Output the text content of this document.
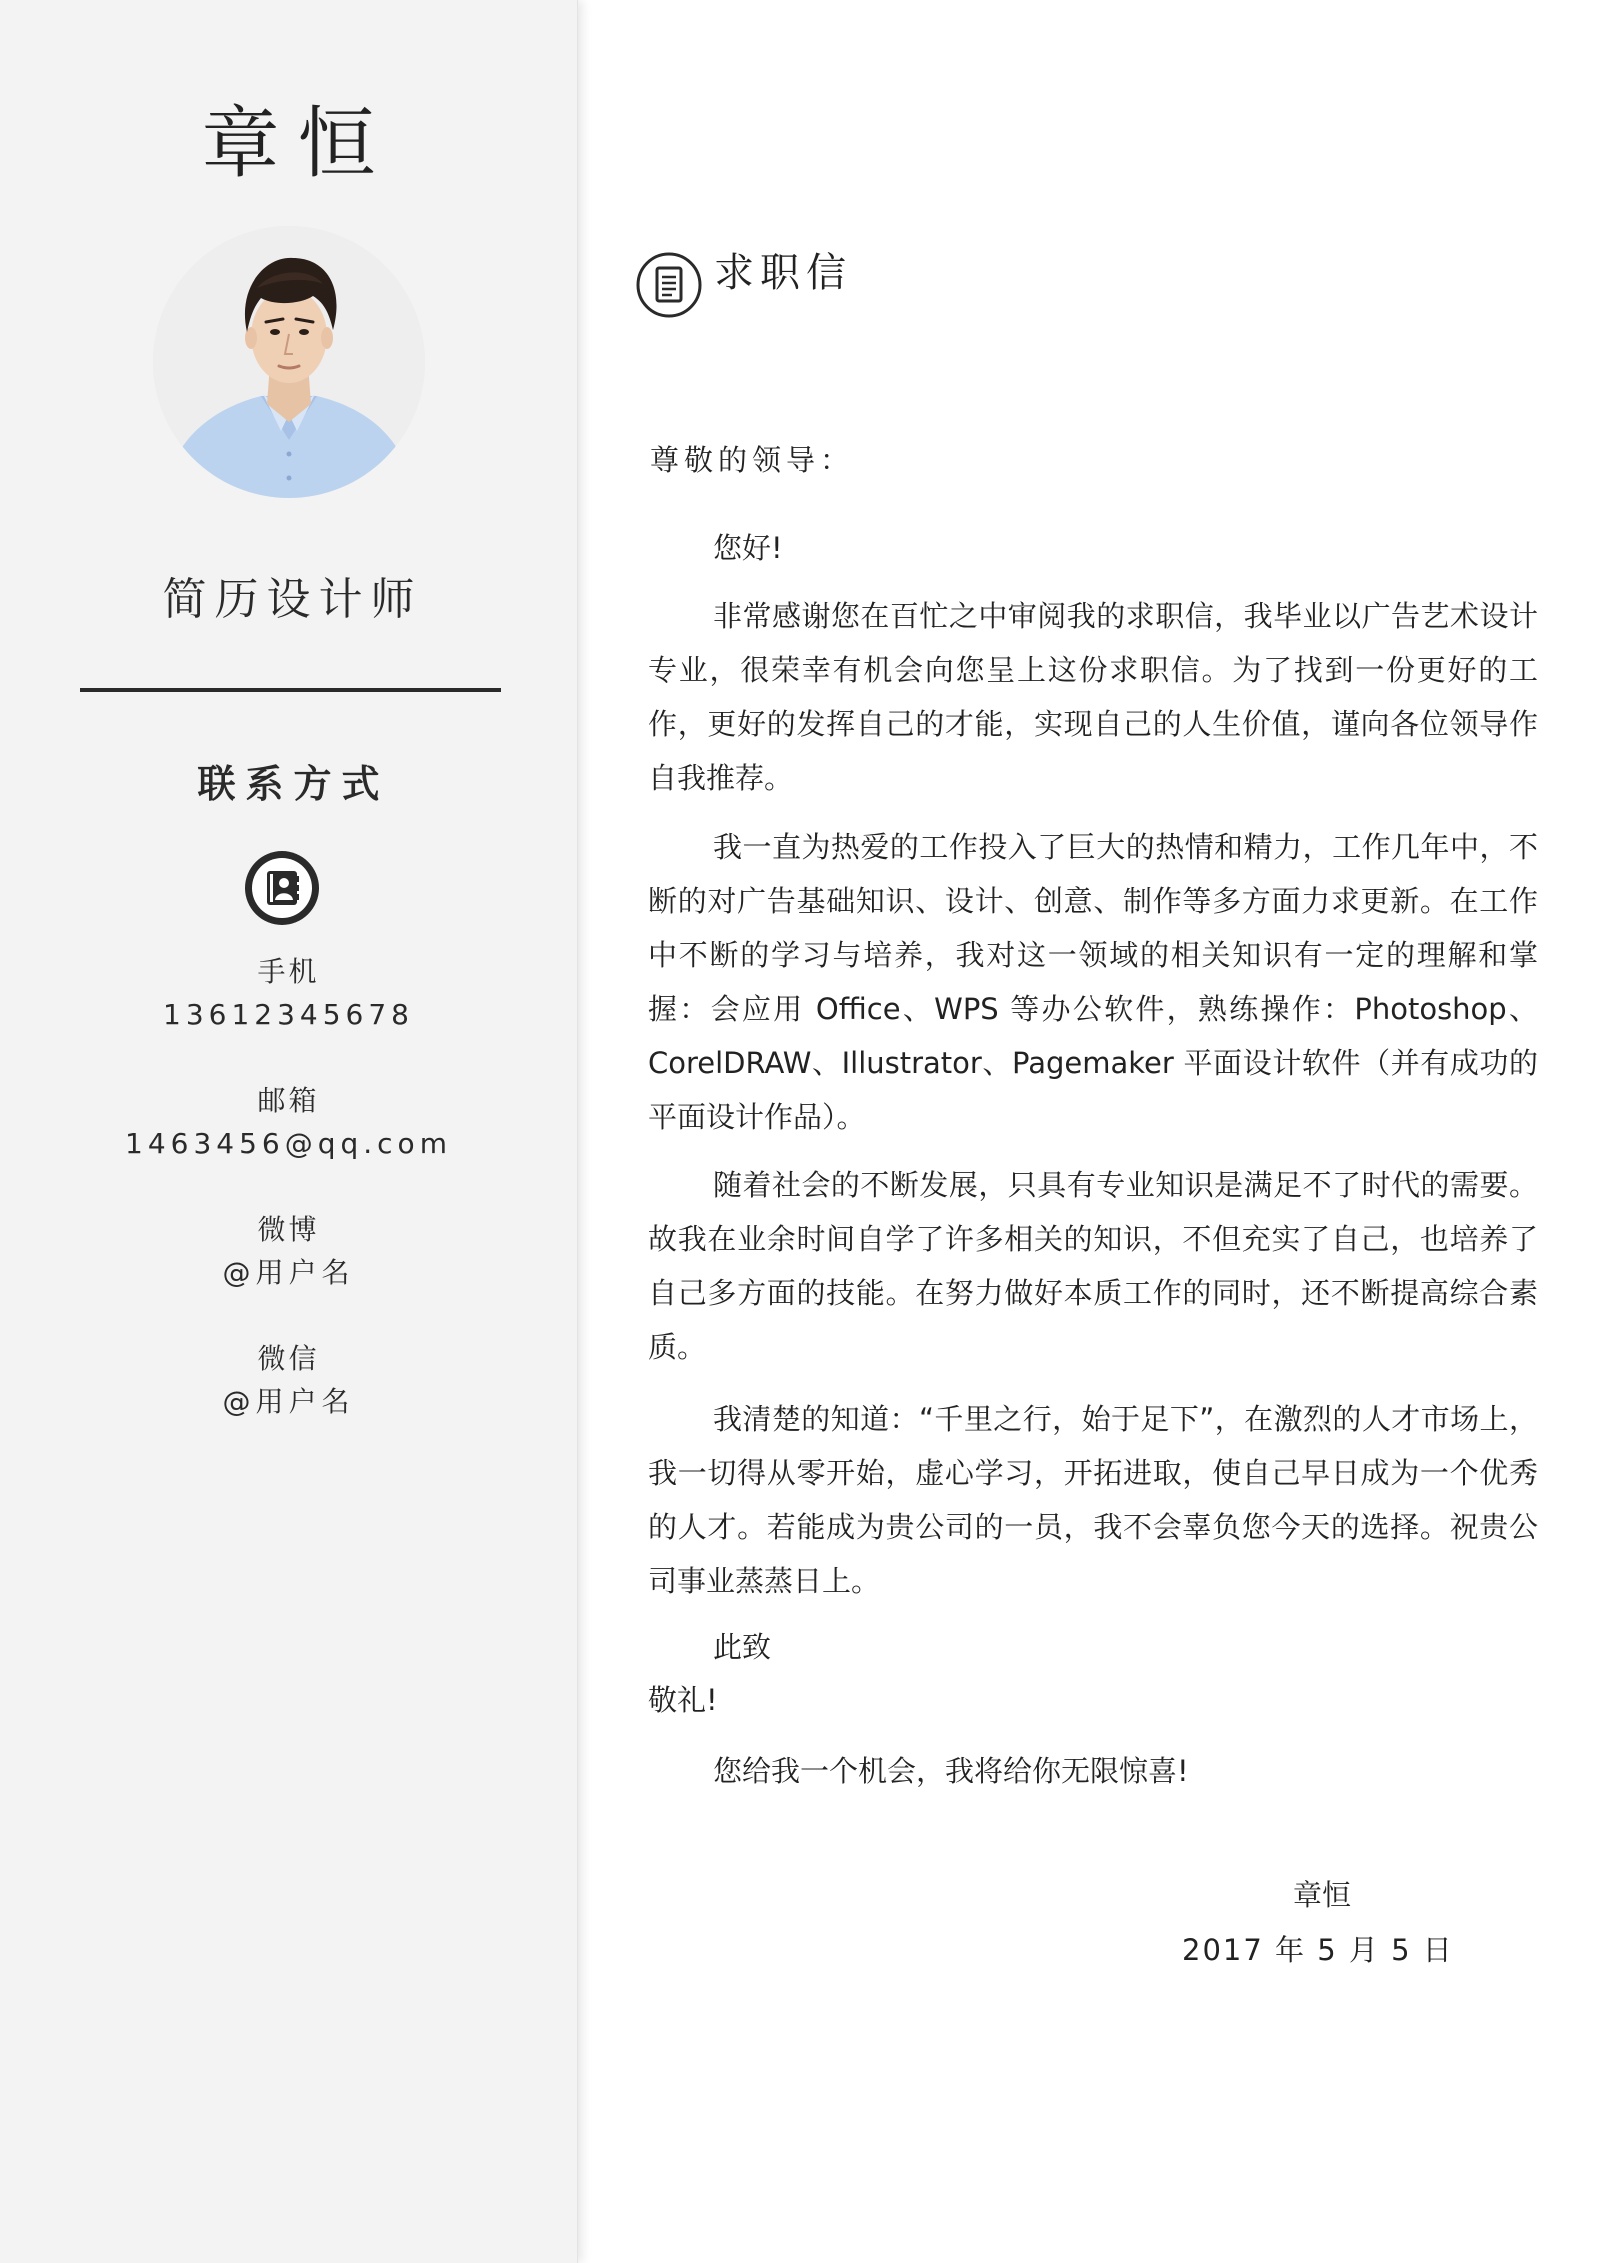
章恒
简历设计师
联系方式
手机
13612345678
邮箱
1463456@qq.com
微博
@用户名
微信
@用户名
求职信
尊敬的领导：
您好!

非常感谢您在百忙之中审阅我的求职信，我毕业以广告艺术设计专业，很荣幸有机会向您呈上这份求职信。为了找到一份更好的工作，更好的发挥自己的才能，实现自己的人生价值，谨向各位领导作自我推荐。

我一直为热爱的工作投入了巨大的热情和精力，工作几年中，不断的对广告基础知识、设计、创意、制作等多方面力求更新。在工作中不断的学习与培养，我对这一领域的相关知识有一定的理解和掌握：会应用 Office、WPS 等办公软件，熟练操作：Photoshop、CorelDRAW、Illustrator、Pagemaker 平面设计软件（并有成功的平面设计作品）。

随着社会的不断发展，只具有专业知识是满足不了时代的需要。故我在业余时间自学了许多相关的知识，不但充实了自己，也培养了自己多方面的技能。在努力做好本质工作的同时，还不断提高综合素质。

我清楚的知道：“千里之行，始于足下”，在激烈的人才市场上，我一切得从零开始，虚心学习，开拓进取，使自己早日成为一个优秀的人才。若能成为贵公司的一员，我不会辜负您今天的选择。祝贵公司事业蒸蒸日上。

此致
敬礼!
您给我一个机会，我将给你无限惊喜!
章恒
2017 年 5 月 5 日
